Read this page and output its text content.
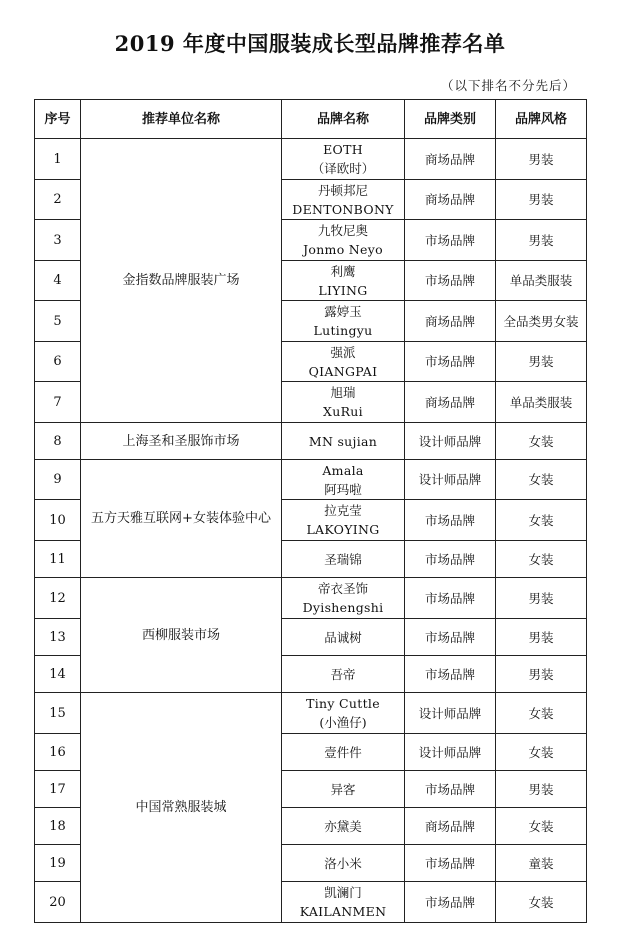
2019 年度中国服装成长型品牌推荐名单
（以下排名不分先后）
序号	推荐单位名称	品牌名称	品牌类别	品牌风格
1	金指数品牌服装广场	EOTH
（译欧时）	商场品牌	男装
2		丹顿邦尼
DENTONBONY	商场品牌	男装
3		九牧尼奥
Jonmo Neyo	市场品牌	男装
4		利鹰
LIYING	市场品牌	单品类服装
5		露婷玉
Lutingyu	商场品牌	全品类男女装
6		强派
QIANGPAI	市场品牌	男装
7		旭瑞
XuRui	商场品牌	单品类服装
8	上海圣和圣服饰市场	MN sujian	设计师品牌	女装
9	五方天雅互联网+女装体验中心	Amala
阿玛啦	设计师品牌	女装
10		拉克莹
LAKOYING	市场品牌	女装
11		圣瑞锦	市场品牌	女装
12	西柳服装市场	帝衣圣饰
Dyishengshi	市场品牌	男装
13		品诚树	市场品牌	男装
14		吾帝	市场品牌	男装
15	中国常熟服装城	Tiny Cuttle
(小渔仔)	设计师品牌	女装
16		壹件件	设计师品牌	女装
17		异客	市场品牌	男装
18		亦黛美	商场品牌	女装
19		洛小米	市场品牌	童装
20		凯澜门
KAILANMEN	市场品牌	女装
